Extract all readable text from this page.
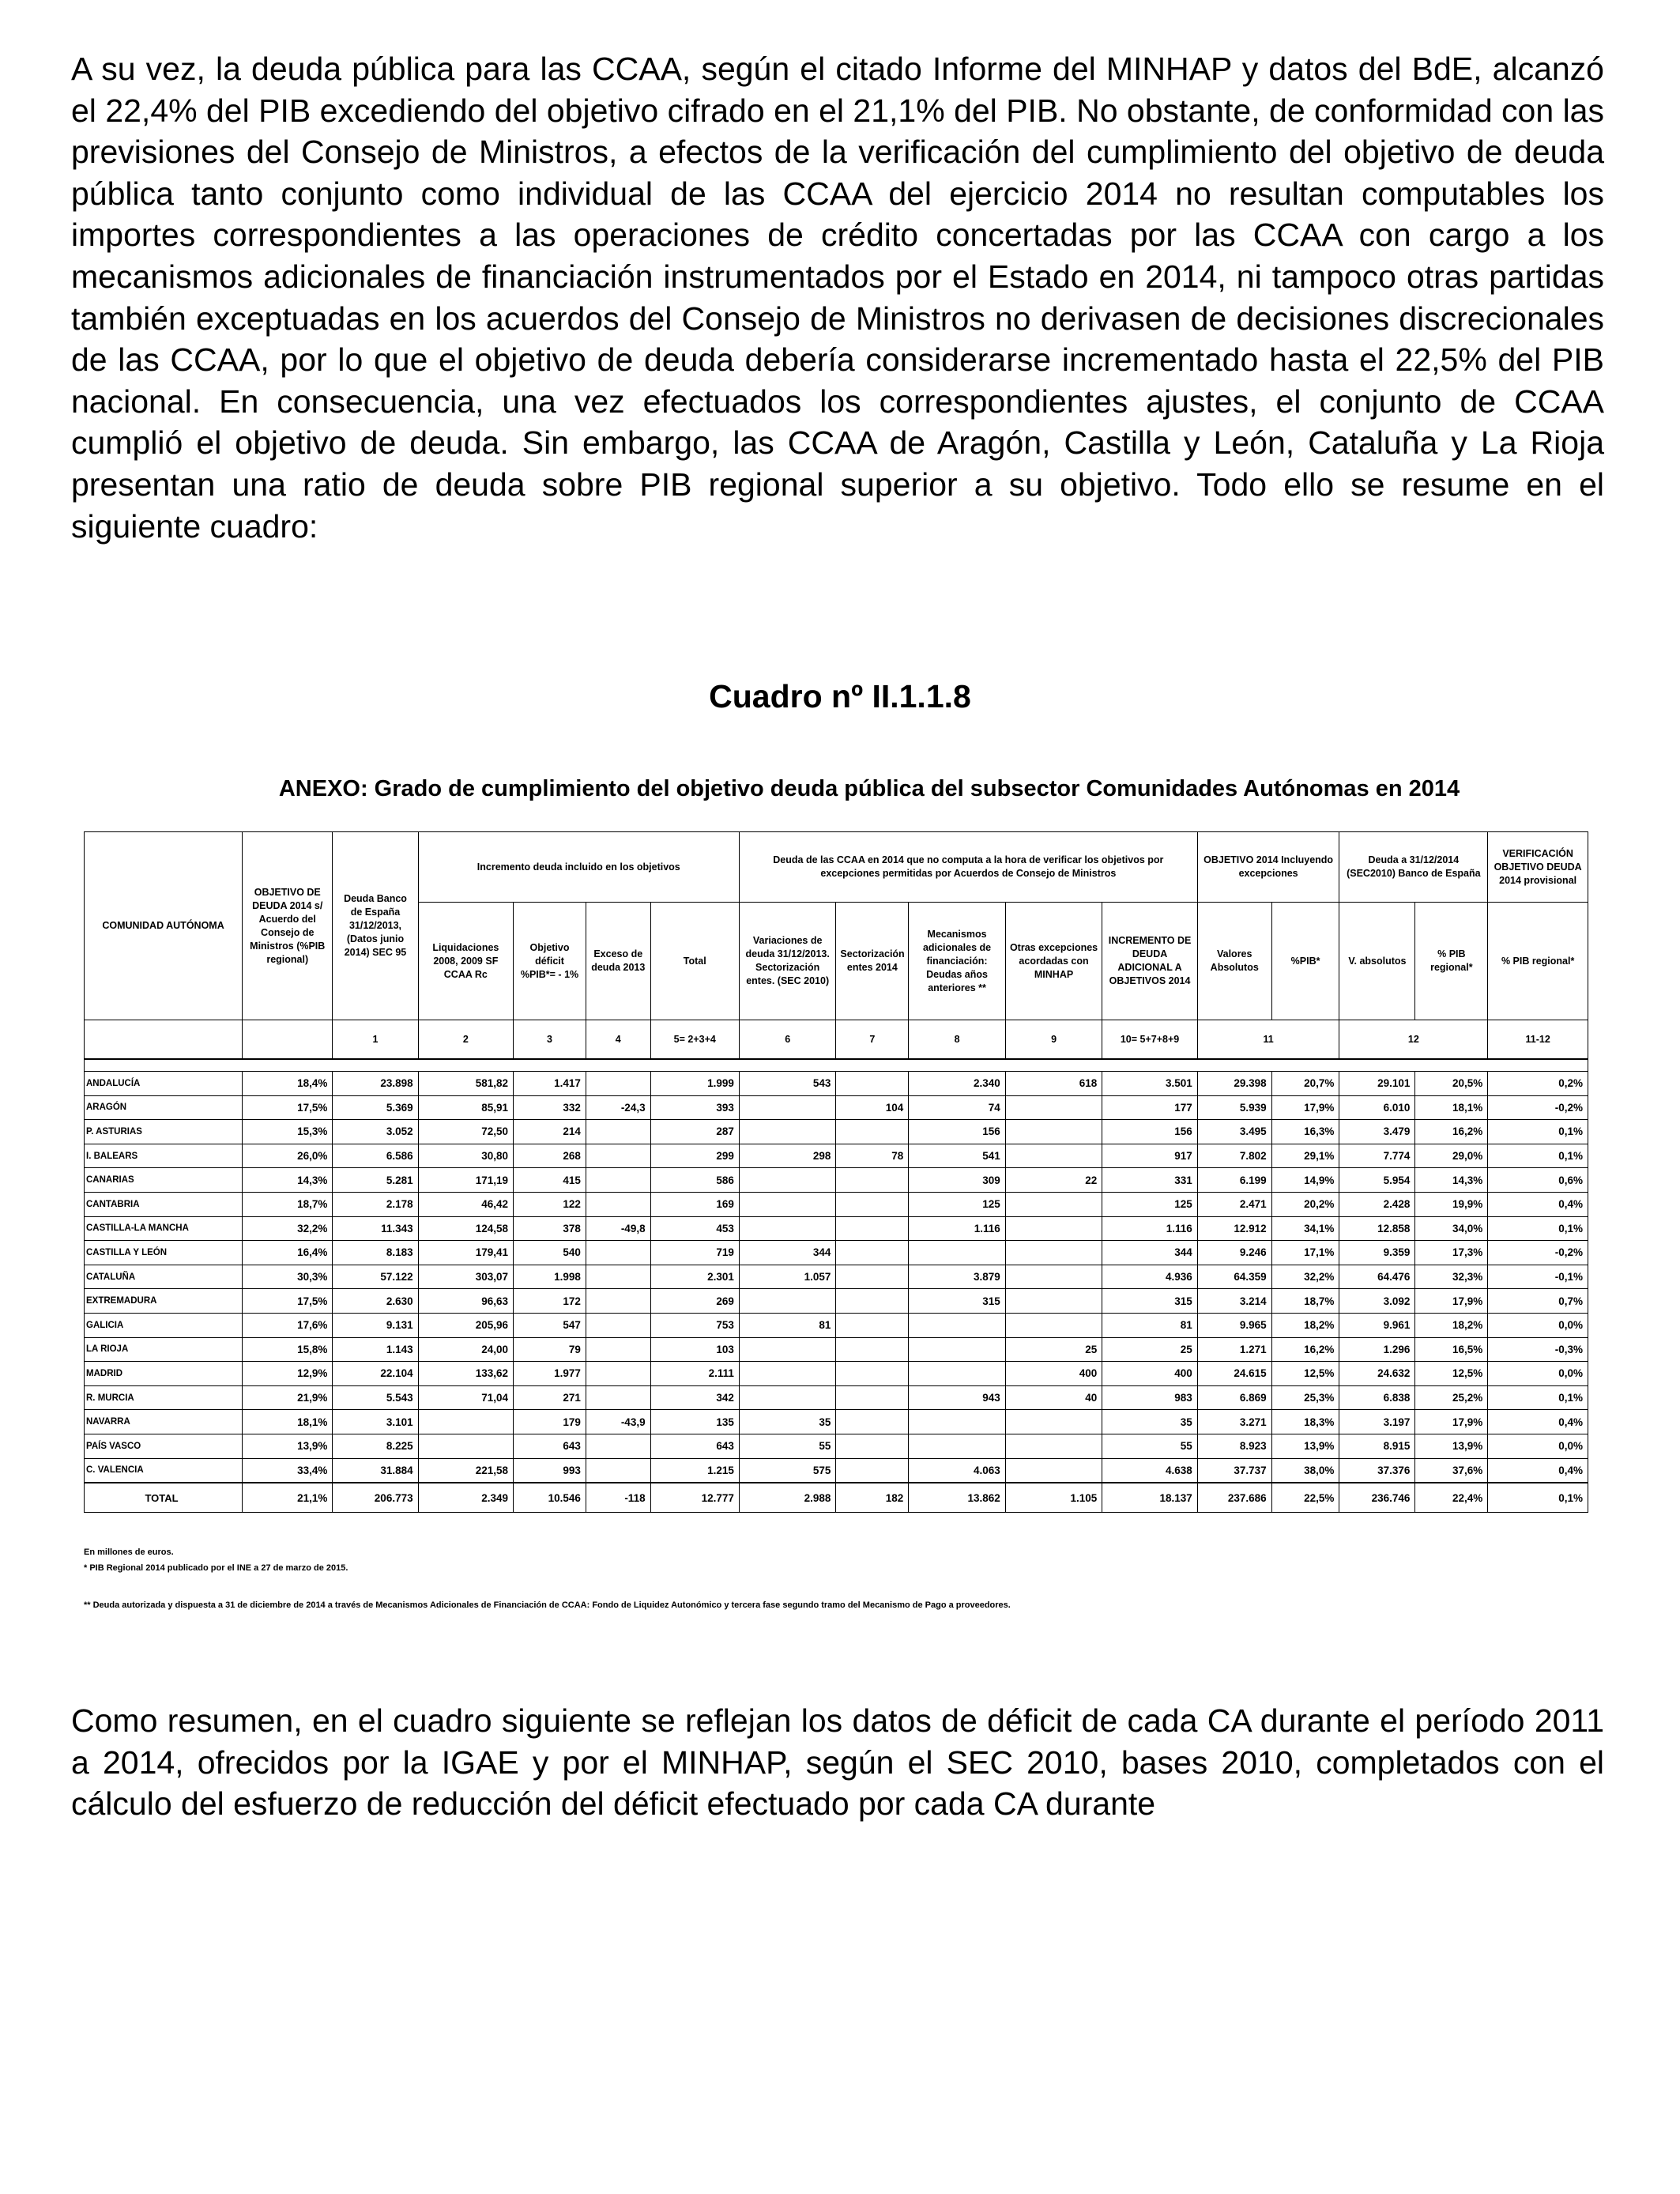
A su vez, la deuda pública para las CCAA, según el citado Informe del MINHAP y datos del BdE, alcanzó el 22,4% del PIB excediendo del objetivo cifrado en el 21,1% del PIB. No obstante, de conformidad con las previsiones del Consejo de Ministros, a efectos de la verificación del cumplimiento del objetivo de deuda pública tanto conjunto como individual de las CCAA del ejercicio 2014 no resultan computables los importes correspondientes a las operaciones de crédito concertadas por las CCAA con cargo a los mecanismos adicionales de financiación instrumentados por el Estado en 2014, ni tampoco otras partidas también exceptuadas en los acuerdos del Consejo de Ministros no derivasen de decisiones discrecionales de las CCAA, por lo que el objetivo de deuda debería considerarse incrementado hasta el 22,5% del PIB nacional. En consecuencia, una vez efectuados los correspondientes ajustes, el conjunto de CCAA cumplió el objetivo de deuda. Sin embargo, las CCAA de Aragón, Castilla y León, Cataluña y La Rioja presentan una ratio de deuda sobre PIB regional superior a su objetivo. Todo ello se resume en el siguiente cuadro:

Cuadro nº II.1.1.8
ANEXO: Grado de cumplimiento del objetivo deuda pública del subsector Comunidades Autónomas en 2014
COMUNIDAD AUTÓNOMA	OBJETIVO DE DEUDA 2014 s/ Acuerdo del Consejo de Ministros (%PIB regional)	Deuda Banco de España 31/12/2013, (Datos junio 2014) SEC 95	Incremento deuda incluido en los objetivos				Deuda de las CCAA en 2014 que no computa a la hora de verificar los objetivos por excepciones permitidas por Acuerdos de Consejo de Ministros					OBJETIVO 2014 Incluyendo excepciones		Deuda a 31/12/2014 (SEC2010) Banco de España		VERIFICACIÓN OBJETIVO DEUDA 2014 provisional
			Liquidaciones 2008, 2009 SF CCAA Rc	Objetivo déficit %PIB*= - 1%	Exceso de deuda 2013	Total	Variaciones de deuda 31/12/2013. Sectorización entes. (SEC 2010)	Sectorización entes 2014	Mecanismos adicionales de financiación: Deudas años anteriores **	Otras excepciones acordadas con MINHAP	INCREMENTO DE DEUDA ADICIONAL A OBJETIVOS 2014	Valores Absolutos	%PIB*	V. absolutos	% PIB regional*	% PIB regional*
		1	2	3	4	5= 2+3+4	6	7	8	9	10= 5+7+8+9	11		12		11-12

ANDALUCÍA	18,4%	23.898	581,82	1.417		1.999	543		2.340	618	3.501	29.398	20,7%	29.101	20,5%	0,2%
ARAGÓN	17,5%	5.369	85,91	332	-24,3	393		104	74		177	5.939	17,9%	6.010	18,1%	-0,2%
P. ASTURIAS	15,3%	3.052	72,50	214		287			156		156	3.495	16,3%	3.479	16,2%	0,1%
I. BALEARS	26,0%	6.586	30,80	268		299	298	78	541		917	7.802	29,1%	7.774	29,0%	0,1%
CANARIAS	14,3%	5.281	171,19	415		586			309	22	331	6.199	14,9%	5.954	14,3%	0,6%
CANTABRIA	18,7%	2.178	46,42	122		169			125		125	2.471	20,2%	2.428	19,9%	0,4%
CASTILLA-LA MANCHA	32,2%	11.343	124,58	378	-49,8	453			1.116		1.116	12.912	34,1%	12.858	34,0%	0,1%
CASTILLA Y LEÓN	16,4%	8.183	179,41	540		719	344				344	9.246	17,1%	9.359	17,3%	-0,2%
CATALUÑA	30,3%	57.122	303,07	1.998		2.301	1.057		3.879		4.936	64.359	32,2%	64.476	32,3%	-0,1%
EXTREMADURA	17,5%	2.630	96,63	172		269			315		315	3.214	18,7%	3.092	17,9%	0,7%
GALICIA	17,6%	9.131	205,96	547		753	81				81	9.965	18,2%	9.961	18,2%	0,0%
LA RIOJA	15,8%	1.143	24,00	79		103				25	25	1.271	16,2%	1.296	16,5%	-0,3%
MADRID	12,9%	22.104	133,62	1.977		2.111				400	400	24.615	12,5%	24.632	12,5%	0,0%
R. MURCIA	21,9%	5.543	71,04	271		342			943	40	983	6.869	25,3%	6.838	25,2%	0,1%
NAVARRA	18,1%	3.101		179	-43,9	135	35				35	3.271	18,3%	3.197	17,9%	0,4%
PAÍS VASCO	13,9%	8.225		643		643	55				55	8.923	13,9%	8.915	13,9%	0,0%
C. VALENCIA	33,4%	31.884	221,58	993		1.215	575		4.063		4.638	37.737	38,0%	37.376	37,6%	0,4%
TOTAL	21,1%	206.773	2.349	10.546	-118	12.777	2.988	182	13.862	1.105	18.137	237.686	22,5%	236.746	22,4%	0,1%
En millones de euros.
* PIB Regional 2014 publicado por el INE a 27 de marzo de 2015.
** Deuda autorizada y dispuesta a 31 de diciembre de 2014 a través de Mecanismos Adicionales de Financiación de CCAA: Fondo de Liquidez Autonómico y tercera fase segundo tramo del Mecanismo de Pago a proveedores.

Como resumen, en el cuadro siguiente se reflejan los datos de déficit de cada CA durante el período 2011 a 2014, ofrecidos por la IGAE y por el MINHAP, según el SEC 2010, bases 2010, completados con el cálculo del esfuerzo de reducción del déficit efectuado por cada CA durante
